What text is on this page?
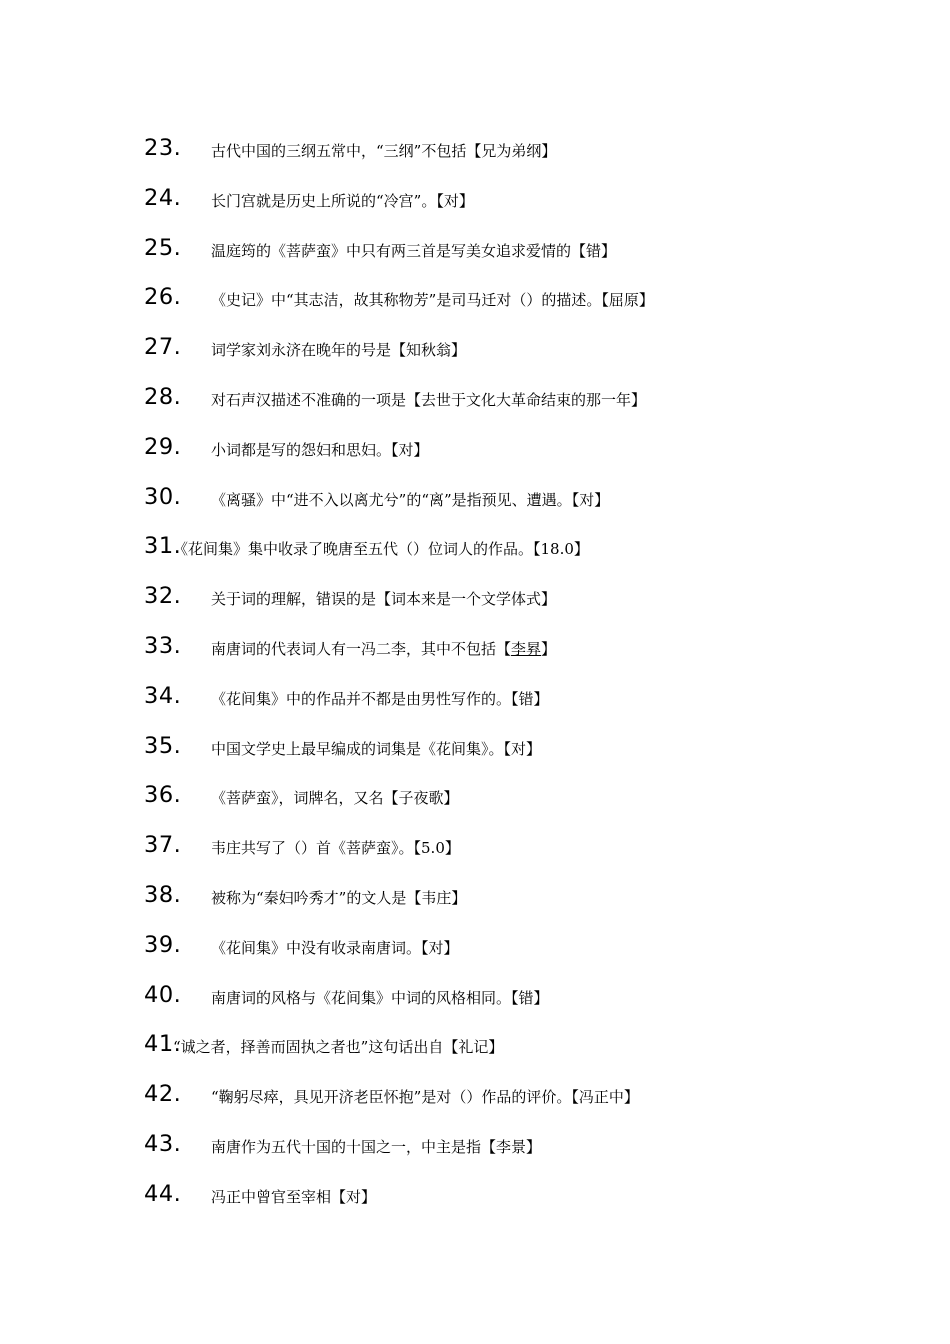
23. 古代中国的三纲五常中，“三纲”不包括【兄为弟纲】
24. 长门宫就是历史上所说的“冷宫”。【对】
25. 温庭筠的《菩萨蛮》中只有两三首是写美女追求爱情的【错】
26. 《史记》中“其志洁，故其称物芳”是司马迁对（）的描述。【屈原】
27. 词学家刘永济在晚年的号是【知秋翁】
28. 对石声汉描述不准确的一项是【去世于文化大革命结束的那一年】
29. 小词都是写的怨妇和思妇。【对】
30. 《离骚》中“进不入以离尤兮”的“离”是指预见、遭遇。【对】
31.
《花间集》集中收录了晚唐至五代（）位词人的作品。【18.0】
32. 关于词的理解，错误的是【词本来是一个文学体式】
33. 南唐词的代表词人有一冯二李，其中不包括【李昪】
34. 《花间集》中的作品并不都是由男性写作的。【错】
35. 中国文学史上最早编成的词集是《花间集》。【对】
36. 《菩萨蛮》，词牌名，又名【子夜歌】
37. 韦庄共写了（）首《菩萨蛮》。【5.0】
38. 被称为“秦妇吟秀才”的文人是【韦庄】
39. 《花间集》中没有收录南唐词。【对】
40. 南唐词的风格与《花间集》中词的风格相同。【错】
41.
“诚之者，择善而固执之者也”这句话出自【礼记】
42. “鞠躬尽瘁，具见开济老臣怀抱”是对（）作品的评价。【冯正中】
43. 南唐作为五代十国的十国之一，中主是指【李景】
44. 冯正中曾官至宰相【对】
